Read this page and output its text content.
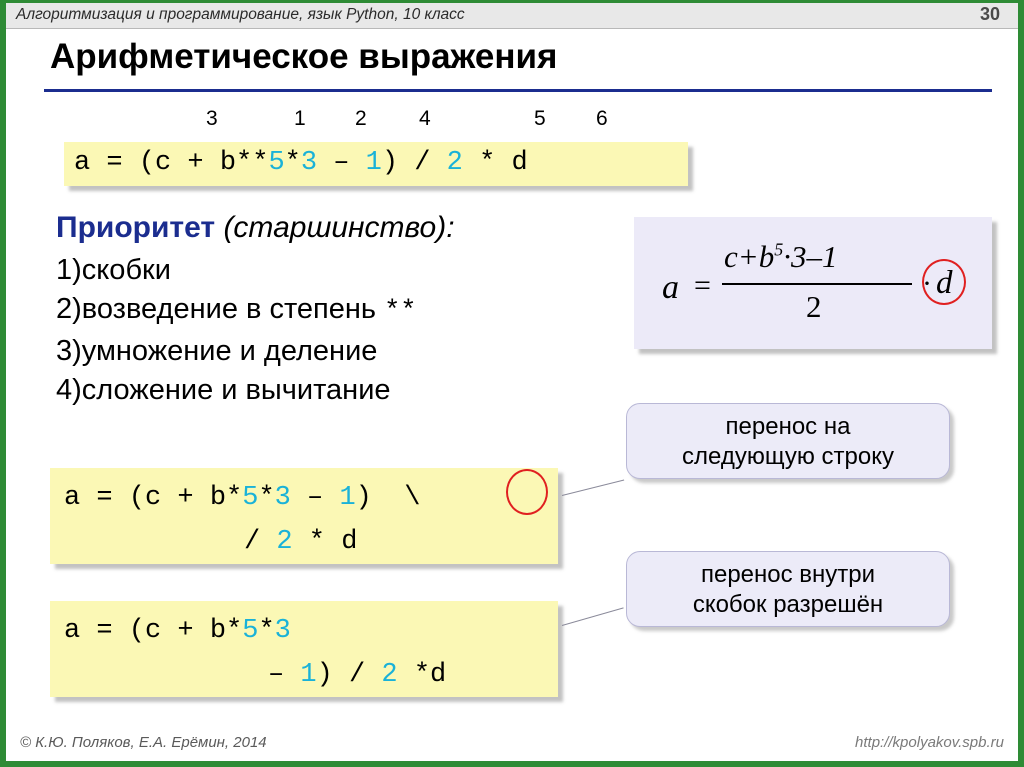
Алгоритмизация и программирование, язык Python, 10 класс	30
Арифметическое выражения
3	1 2 4	5 6
a = (c + b**5*3 – 1) / 2 * d
Приоритет (старшинство):
1)скобки
2)возведение в степень **
3)умножение и деление
4)сложение и вычитание
a =
$c+b^5\cdot 3-1$
2
· d
a = (c + b*5*3 – 1)  \
/ 2 * d
a = (c + b*5*3
– 1) / 2 *d
перенос на
следующую строку
перенос внутри
скобок разрешён
© К.Ю. Поляков, Е.А. Ерёмин, 2014	http://kpolyakov.spb.ru
